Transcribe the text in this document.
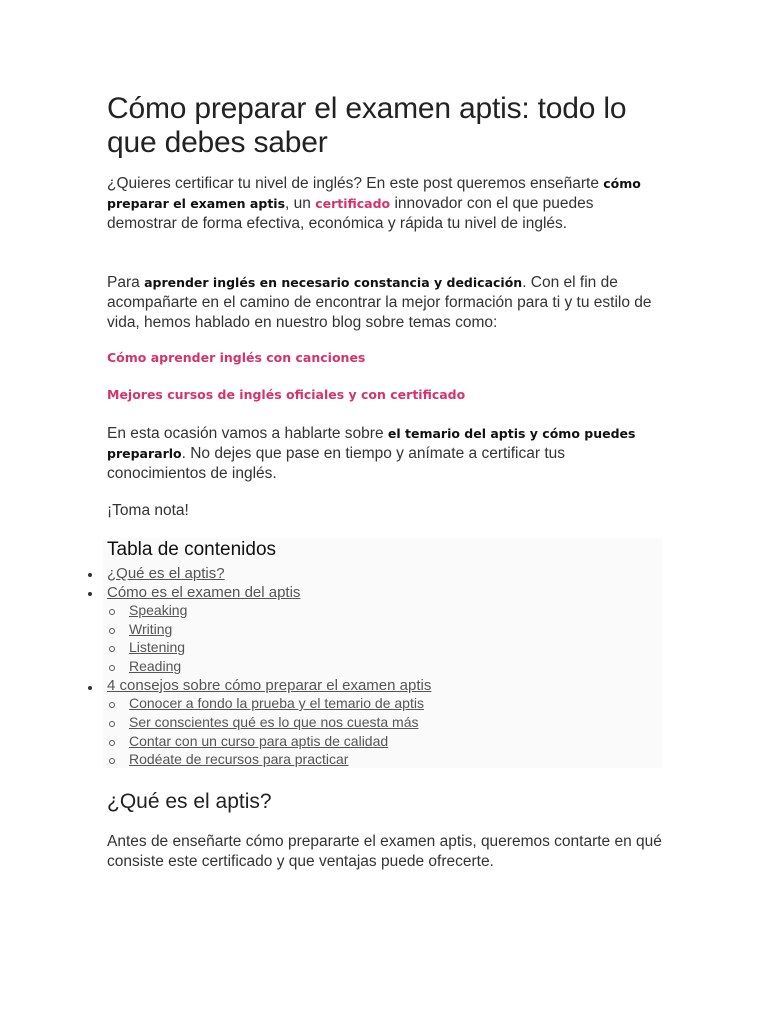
Cómo preparar el examen aptis: todo lo que debes saber

¿Quieres certificar tu nivel de inglés? En este post queremos enseñarte cómo preparar el examen aptis, un certificado innovador con el que puedes demostrar de forma efectiva, económica y rápida tu nivel de inglés.

Para aprender inglés en necesario constancia y dedicación. Con el fin de acompañarte en el camino de encontrar la mejor formación para ti y tu estilo de vida, hemos hablado en nuestro blog sobre temas como:

Cómo aprender inglés con canciones

Mejores cursos de inglés oficiales y con certificado

En esta ocasión vamos a hablarte sobre el temario del aptis y cómo puedes prepararlo. No dejes que pase en tiempo y anímate a certificar tus conocimientos de inglés.

¡Toma nota!

Tabla de contenidos
¿Qué es el aptis?
Cómo es el examen del aptis
Speaking
Writing
Listening
Reading
4 consejos sobre cómo preparar el examen aptis
Conocer a fondo la prueba y el temario de aptis
Ser conscientes qué es lo que nos cuesta más
Contar con un curso para aptis de calidad
Rodéate de recursos para practicar
¿Qué es el aptis?

Antes de enseñarte cómo prepararte el examen aptis, queremos contarte en qué consiste este certificado y que ventajas puede ofrecerte.
